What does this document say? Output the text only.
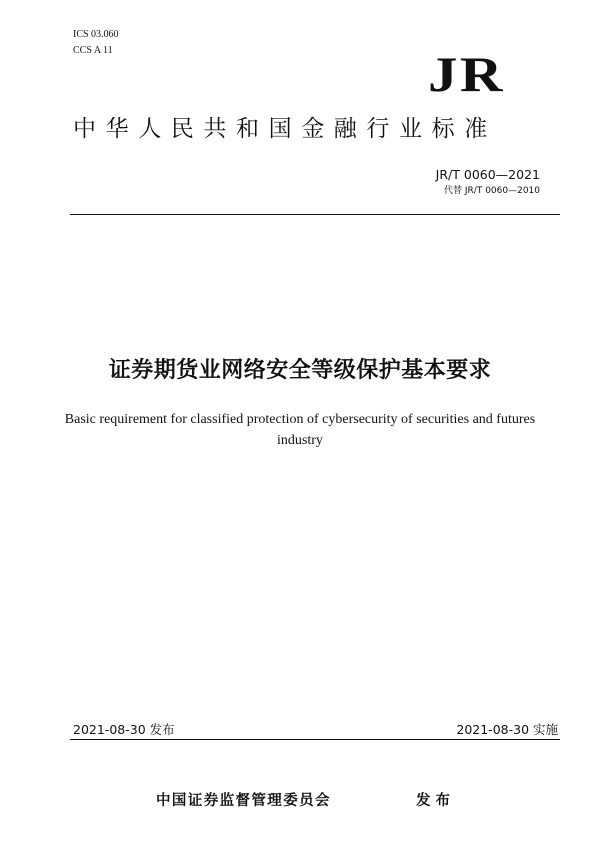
ICS 03.060
CCS A 11	JR
中华人民共和国金融行业标准
JR/T 0060—2021
代替 JR/T 0060—2010
证券期货业网络安全等级保护基本要求
Basic requirement for classified protection of cybersecurity of securities and futures industry
2021-08-30 发布	2021-08-30 实施
中国证券监督管理委员会	发布
